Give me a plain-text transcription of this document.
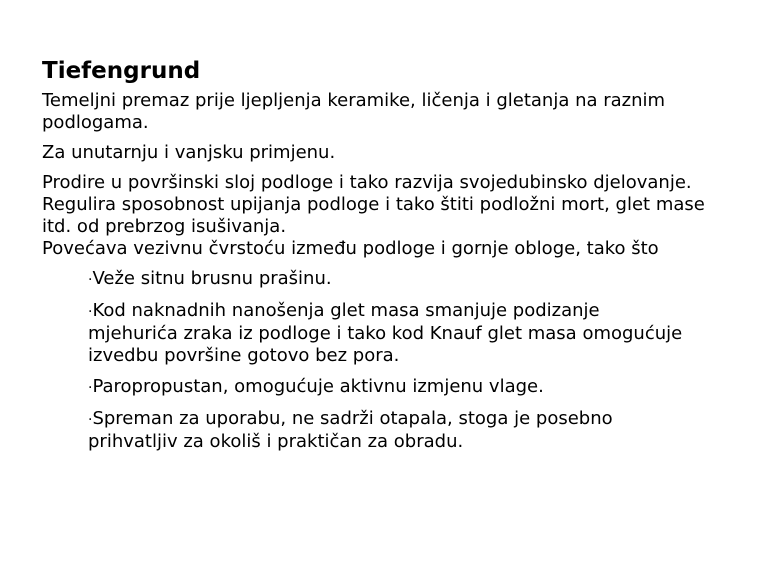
Tiefengrund

Temeljni premaz prije ljepljenja keramike, ličenja i gletanja na raznim podlogama.

Za unutarnju i vanjsku primjenu.

Prodire u površinski sloj podloge i tako razvija svojedubinsko djelovanje.

Regulira sposobnost upijanja podloge i tako štiti podložni mort, glet mase itd. od prebrzog isušivanja.

Povećava vezivnu čvrstoću između podloge i gornje obloge, tako što

·Veže sitnu brusnu prašinu.
·Kod naknadnih nanošenja glet masa smanjuje podizanje mjehurića zraka iz podloge i tako kod Knauf glet masa omogućuje izvedbu površine gotovo bez pora.
·Paropropustan, omogućuje aktivnu izmjenu vlage.
·Spreman za uporabu, ne sadrži otapala, stoga je posebno prihvatljiv za okoliš i praktičan za obradu.
